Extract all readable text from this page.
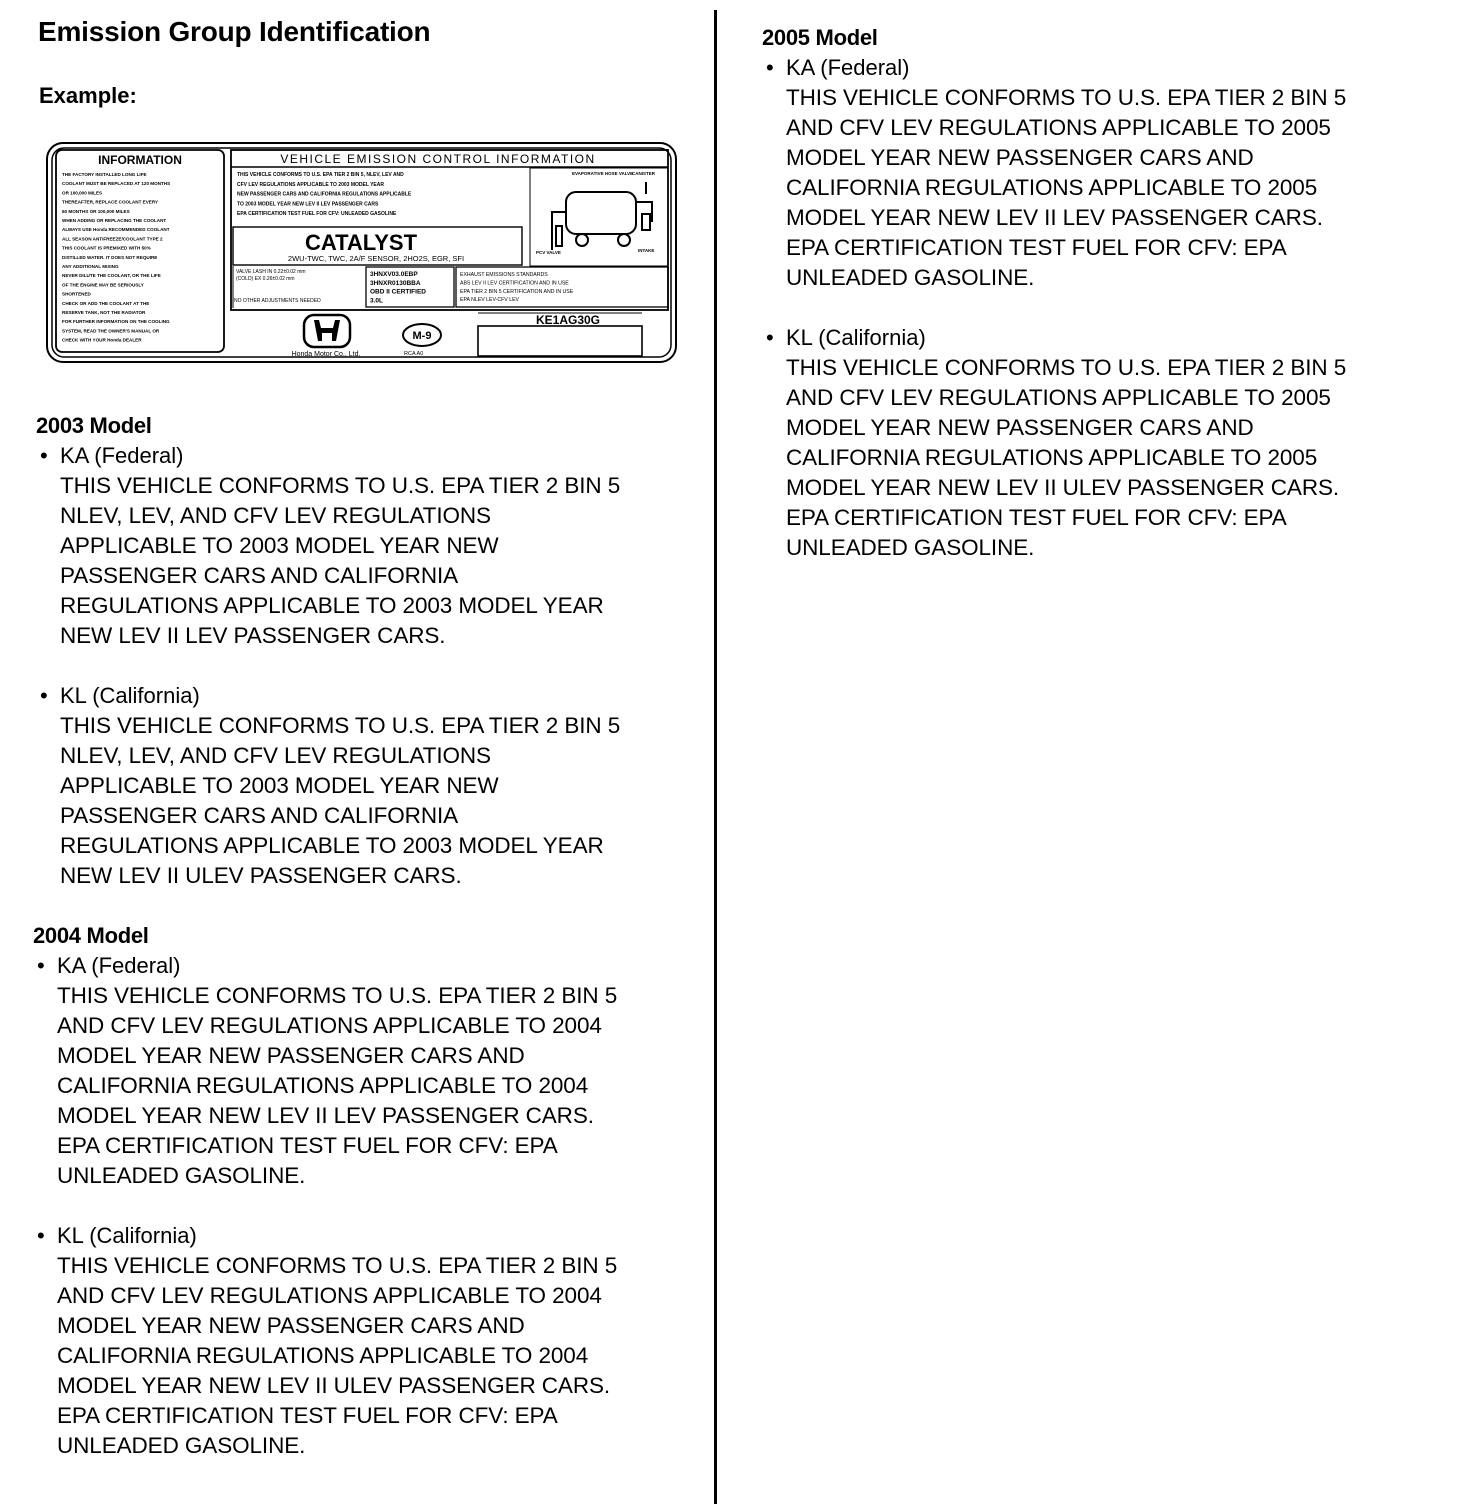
Emission Group Identification
Example:
INFORMATION
THE FACTORY INSTALLED LONG LIFE
COOLANT MUST BE REPLACED AT 120 MONTHS
OR 100,000 MILES
THEREAFTER, REPLACE COOLANT EVERY
60 MONTHS OR 100,000 MILES
WHEN ADDING OR REPLACING THE COOLANT
ALWAYS USE Honda RECOMMENDED COOLANT
ALL SEASON ANTIFREEZE/COOLANT TYPE 2
THIS COOLANT IS PREMIXED WITH 50%
DISTILLED WATER. IT DOES NOT REQUIRE
ANY ADDITIONAL MIXING
NEVER DILUTE THE COOLANT, OR THE LIFE
OF THE ENGINE MAY BE SERIOUSLY
SHORTENED
CHECK OR ADD THE COOLANT AT THE
RESERVE TANK, NOT THE RADIATOR
FOR FURTHER INFORMATION ON THE COOLING
SYSTEM, READ THE OWNER'S MANUAL OR
CHECK WITH YOUR Honda DEALER
VEHICLE EMISSION CONTROL INFORMATION
THIS VEHICLE CONFORMS TO U.S. EPA TIER 2 BIN 5, NLEV, LEV AND
CFV LEV REGULATIONS APPLICABLE TO 2003 MODEL YEAR
NEW PASSENGER CARS AND CALIFORNIA REGULATIONS APPLICABLE
TO 2003 MODEL YEAR NEW LEV II LEV PASSENGER CARS
EPA CERTIFICATION TEST FUEL FOR CFV: UNLEADED GASOLINE
CATALYST
2WU-TWC, TWC, 2A/F SENSOR, 2HO2S, EGR, SFI
EVAPORATIVE HOSE VALVE
CANISTER
PCV VALVE	INTAKE
VALVE LASH IN 0.22±0.02 mm
(COLD) EX 0.26±0.02 mm
NO OTHER ADJUSTMENTS NEEDED
3HNXV03.0EBP
3HNXR0130BBA
OBD II CERTIFIED
3.0L
EXHAUST EMISSIONS STANDARDS
ABS LEV II LEV CERTIFICATION AND IN USE
EPA TIER 2 BIN 5 CERTIFICATION AND IN USE
EPA NLEV LEV-CFV LEV
Honda Motor Co., Ltd.
M-9
RCA A0
KE1AG30G
2003 Model
• KA (Federal)
THIS VEHICLE CONFORMS TO U.S. EPA TIER 2 BIN 5
NLEV, LEV, AND CFV LEV REGULATIONS
APPLICABLE TO 2003 MODEL YEAR NEW
PASSENGER CARS AND CALIFORNIA
REGULATIONS APPLICABLE TO 2003 MODEL YEAR
NEW LEV II LEV PASSENGER CARS.
• KL (California)
THIS VEHICLE CONFORMS TO U.S. EPA TIER 2 BIN 5
NLEV, LEV, AND CFV LEV REGULATIONS
APPLICABLE TO 2003 MODEL YEAR NEW
PASSENGER CARS AND CALIFORNIA
REGULATIONS APPLICABLE TO 2003 MODEL YEAR
NEW LEV II ULEV PASSENGER CARS.
2004 Model
• KA (Federal)
THIS VEHICLE CONFORMS TO U.S. EPA TIER 2 BIN 5
AND CFV LEV REGULATIONS APPLICABLE TO 2004
MODEL YEAR NEW PASSENGER CARS AND
CALIFORNIA REGULATIONS APPLICABLE TO 2004
MODEL YEAR NEW LEV II LEV PASSENGER CARS.
EPA CERTIFICATION TEST FUEL FOR CFV: EPA
UNLEADED GASOLINE.
• KL (California)
THIS VEHICLE CONFORMS TO U.S. EPA TIER 2 BIN 5
AND CFV LEV REGULATIONS APPLICABLE TO 2004
MODEL YEAR NEW PASSENGER CARS AND
CALIFORNIA REGULATIONS APPLICABLE TO 2004
MODEL YEAR NEW LEV II ULEV PASSENGER CARS.
EPA CERTIFICATION TEST FUEL FOR CFV: EPA
UNLEADED GASOLINE.
2005 Model
• KA (Federal)
THIS VEHICLE CONFORMS TO U.S. EPA TIER 2 BIN 5
AND CFV LEV REGULATIONS APPLICABLE TO 2005
MODEL YEAR NEW PASSENGER CARS AND
CALIFORNIA REGULATIONS APPLICABLE TO 2005
MODEL YEAR NEW LEV II LEV PASSENGER CARS.
EPA CERTIFICATION TEST FUEL FOR CFV: EPA
UNLEADED GASOLINE.
• KL (California)
THIS VEHICLE CONFORMS TO U.S. EPA TIER 2 BIN 5
AND CFV LEV REGULATIONS APPLICABLE TO 2005
MODEL YEAR NEW PASSENGER CARS AND
CALIFORNIA REGULATIONS APPLICABLE TO 2005
MODEL YEAR NEW LEV II ULEV PASSENGER CARS.
EPA CERTIFICATION TEST FUEL FOR CFV: EPA
UNLEADED GASOLINE.
